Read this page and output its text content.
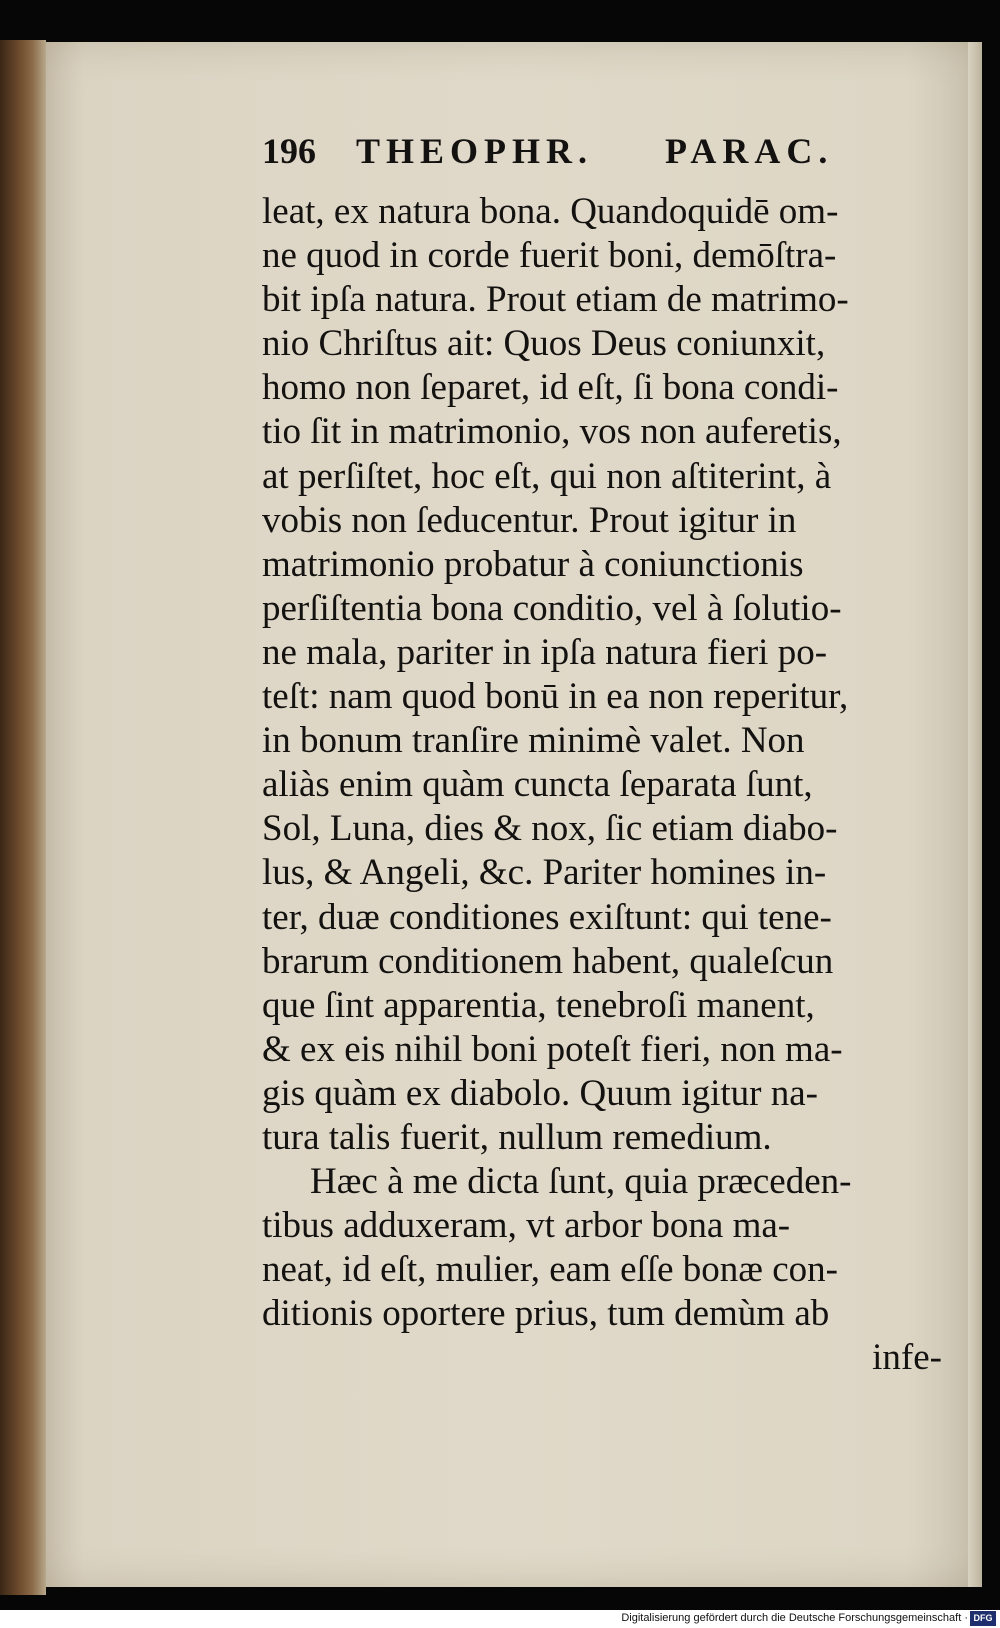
196 THEOPHR. PARAC.
leat, ex natura bona. Quandoquidē om-
ne quod in corde fuerit boni, demōſtra-
bit ipſa natura. Prout etiam de matrimo-
nio Chriſtus ait: Quos Deus coniunxit,
homo non ſeparet, id eſt, ſi bona condi-
tio ſit in matrimonio, vos non auferetis,
at perſiſtet, hoc eſt, qui non aſtiterint, à
vobis non ſeducentur. Prout igitur in
matrimonio probatur à coniunctionis
perſiſtentia bona conditio, vel à ſolutio-
ne mala, pariter in ipſa natura fieri po-
teſt: nam quod bonū in ea non reperitur,
in bonum tranſire minimè valet. Non
aliàs enim quàm cuncta ſeparata ſunt,
Sol, Luna, dies & nox, ſic etiam diabo-
lus, & Angeli, &c. Pariter homines in-
ter, duæ conditiones exiſtunt: qui tene-
brarum conditionem habent, qualeſcun
que ſint apparentia, tenebroſi manent,
& ex eis nihil boni poteſt fieri, non ma-
gis quàm ex diabolo. Quum igitur na-
tura talis fuerit, nullum remedium.
Hæc à me dicta ſunt, quia præceden-
tibus adduxeram, vt arbor bona ma-
neat, id eſt, mulier, eam eſſe bonæ con-
ditionis oportere prius, tum demùm ab
infe-
Digitalisierung gefördert durch die Deutsche Forschungsgemeinschaft · DFG
